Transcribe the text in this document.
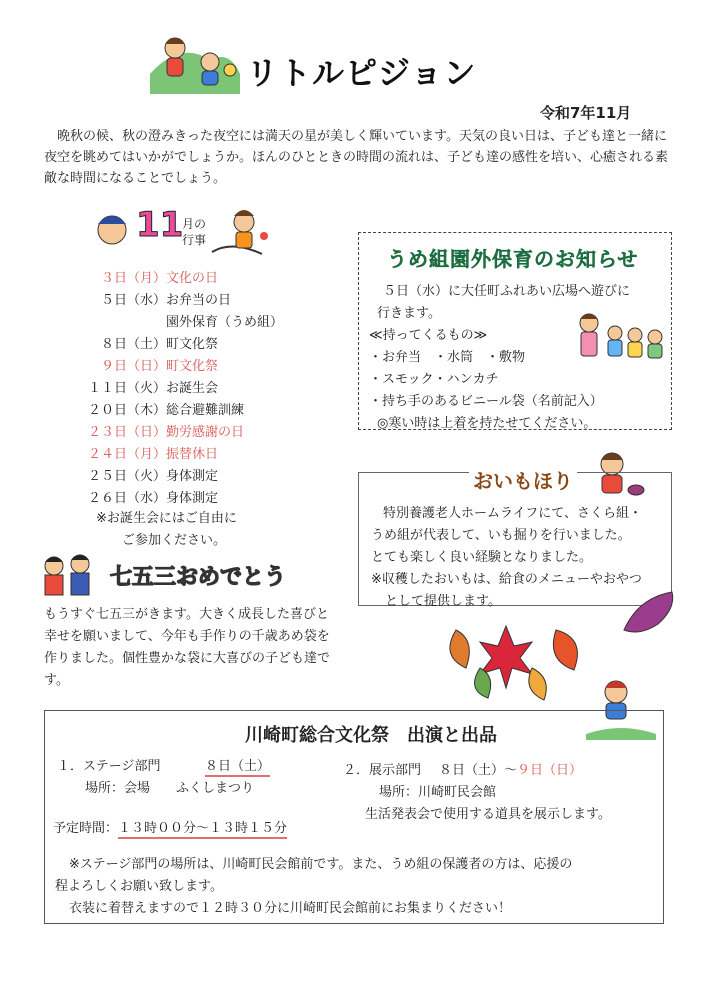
リトルピジョン
令和7年11月

晩秋の候、秋の澄みきった夜空には満天の星が美しく輝いています。天気の良い日は、子ども達と一緒に夜空を眺めてはいかがでしょうか。ほんのひとときの時間の流れは、子ども達の感性を培い、心癒される素敵な時間になることでしょう。

11
月の
行事
３日（月）文化の日
５日（水）お弁当の日
園外保育（うめ組）
８日（土）町文化祭
９日（日）町文化祭
１１日（火）お誕生会
２０日（木）総合避難訓練
２３日（日）勤労感謝の日
２４日（月）振替休日
２５日（火）身体測定
２６日（水）身体測定
※お誕生会にはご自由に
ご参加ください。
七五三おめでとう
もうすぐ七五三がきます。大きく成長した喜びと幸せを願いまして、今年も手作りの千歳あめ袋を作りました。個性豊かな袋に大喜びの子ども達です。
うめ組園外保育のお知らせ
５日（水）に大任町ふれあい広場へ遊びに
行きます。
≪持ってくるもの≫
・お弁当　・水筒　・敷物
・スモック・ハンカチ
・持ち手のあるビニール袋（名前記入）
◎寒い時は上着を持たせてください。
おいもほり
特別養護老人ホームライフにて、さくら組・
うめ組が代表して、いも掘りを行いました。
とても楽しく良い経験となりました。
※収穫したおいもは、給食のメニューやおやつ
として提供します。
川崎町総合文化祭　出演と出品
１．ステージ部門	８日（土）
場所：会場　　ふくしまつり
２．展示部門 ８日（土）～９日（日）
場所：川崎町民会館
生活発表会で使用する道具を展示します。
予定時間：１３時００分～１３時１５分
※ステージ部門の場所は、川崎町民会館前です。また、うめ組の保護者の方は、応援の
程よろしくお願い致します。
衣装に着替えますので１２時３０分に川崎町民会館前にお集まりください！
